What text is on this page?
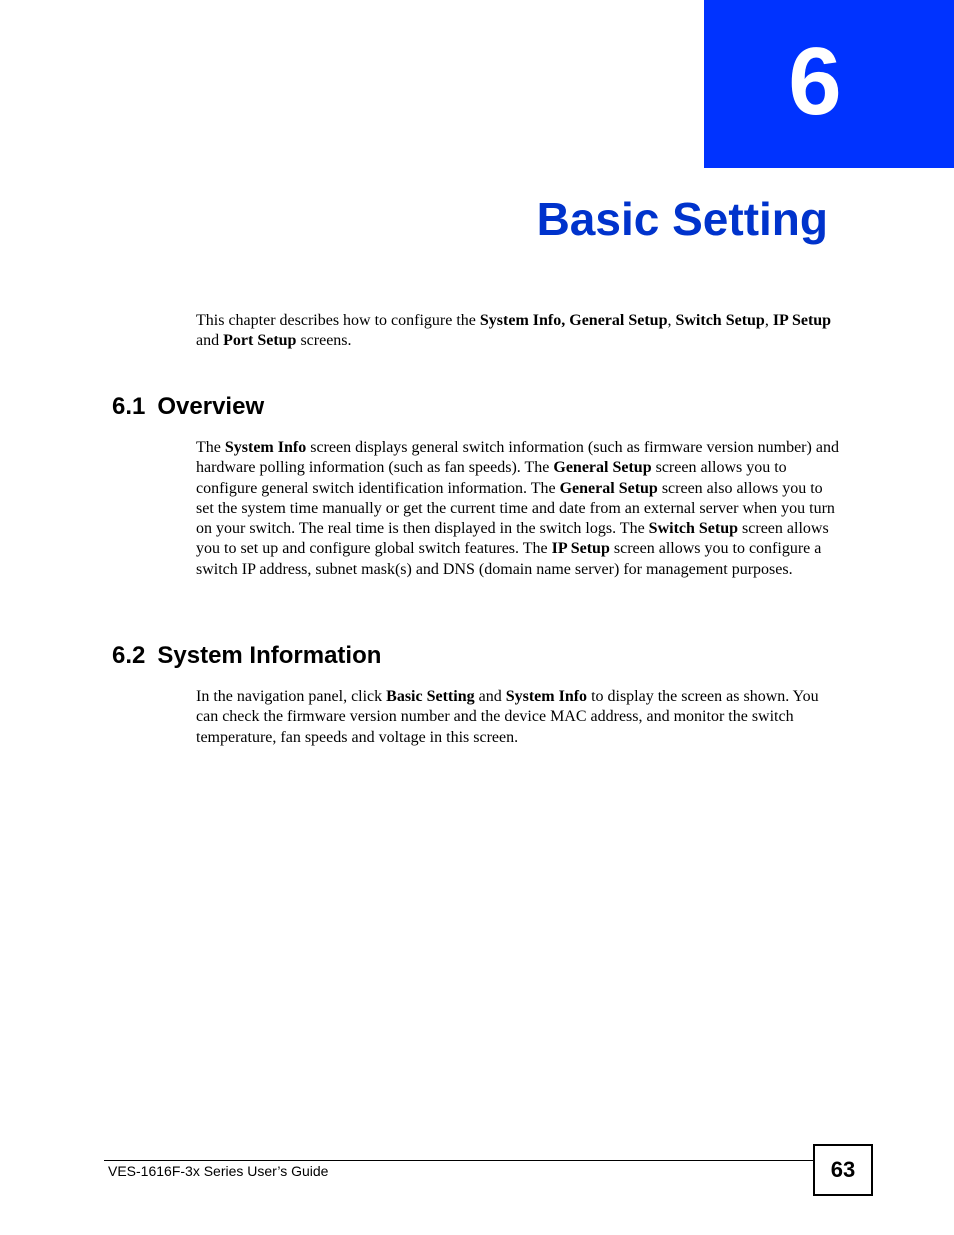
6
Basic Setting

This chapter describes how to configure the System Info, General Setup, Switch Setup, IP Setup and Port Setup screens.

6.1 Overview

The System Info screen displays general switch information (such as firmware version number) and hardware polling information (such as fan speeds). The General Setup screen allows you to configure general switch identification information. The General Setup screen also allows you to set the system time manually or get the current time and date from an external server when you turn on your switch. The real time is then displayed in the switch logs. The Switch Setup screen allows you to set up and configure global switch features. The IP Setup screen allows you to configure a switch IP address, subnet mask(s) and DNS (domain name server) for management purposes.

6.2 System Information

In the navigation panel, click Basic Setting and System Info to display the screen as shown. You can check the firmware version number and the device MAC address, and monitor the switch temperature, fan speeds and voltage in this screen.

VES-1616F-3x Series User’s Guide	63
